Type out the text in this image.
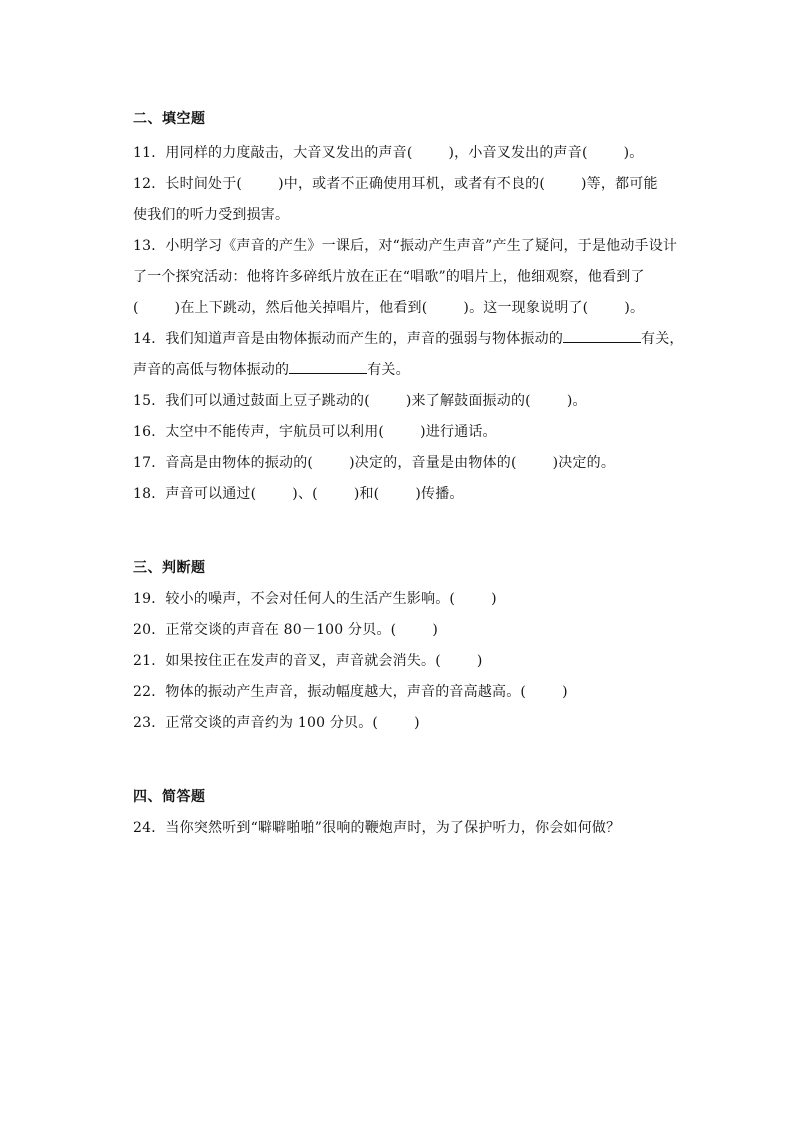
二、填空题
11．用同样的力度敲击，大音叉发出的声音(	)，小音叉发出的声音(	)。
12．长时间处于(	)中，或者不正确使用耳机，或者有不良的(	)等，都可能
使我们的听力受到损害。
13．小明学习《声音的产生》一课后，对“振动产生声音”产生了疑问，于是他动手设计
了一个探究活动：他将许多碎纸片放在正在“唱歌”的唱片上，他细观察，他看到了
(	)在上下跳动，然后他关掉唱片，他看到(	)。这一现象说明了(	)。
14．我们知道声音是由物体振动而产生的，声音的强弱与物体振动的	有关，
声音的高低与物体振动的	有关。
15．我们可以通过鼓面上豆子跳动的(	)来了解鼓面振动的(	)。
16．太空中不能传声，宇航员可以利用(	)进行通话。
17．音高是由物体的振动的(	)决定的，音量是由物体的(	)决定的。
18．声音可以通过(	)、(	)和(	)传播。
三、判断题
19．较小的噪声，不会对任何人的生活产生影响。(	)
20．正常交谈的声音在 80－100 分贝。(	)
21．如果按住正在发声的音叉，声音就会消失。(	)
22．物体的振动产生声音，振动幅度越大，声音的音高越高。(	)
23．正常交谈的声音约为 100 分贝。(	)
四、简答题
24．当你突然听到“噼噼啪啪”很响的鞭炮声时，为了保护听力，你会如何做？
